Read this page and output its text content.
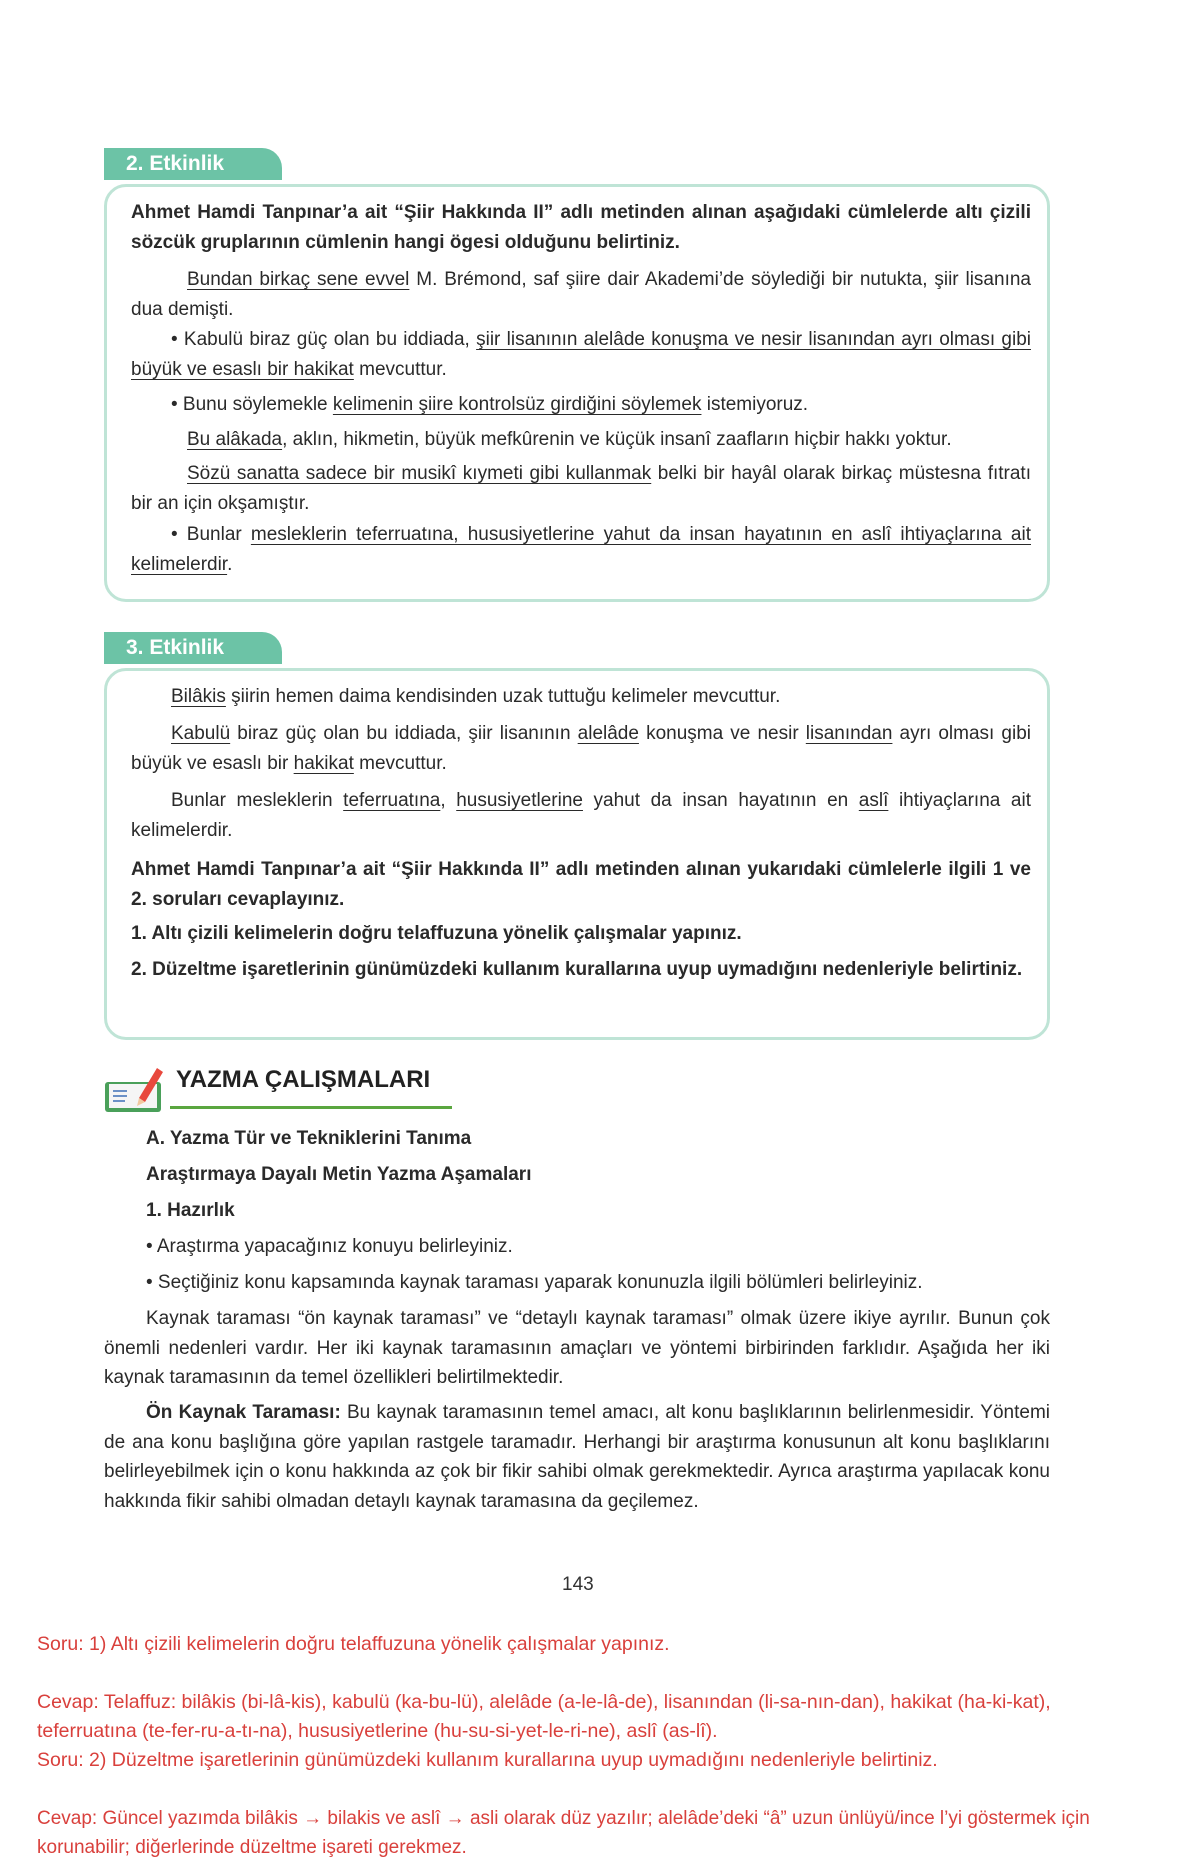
2. Etkinlik

Ahmet Hamdi Tanpınar’a ait “Şiir Hakkında II” adlı metinden alınan aşağıdaki cümlelerde altı çizili sözcük gruplarının cümlenin hangi ögesi olduğunu belirtiniz.

Bundan birkaç sene evvel M. Brémond, saf şiire dair Akademi’de söylediği bir nutukta, şiir lisanına dua demişti.

• Kabulü biraz güç olan bu iddiada, şiir lisanının alelâde konuşma ve nesir lisanından ayrı olması gibi büyük ve esaslı bir hakikat mevcuttur.

• Bunu söylemekle kelimenin şiire kontrolsüz girdiğini söylemek istemiyoruz.

Bu alâkada, aklın, hikmetin, büyük mefkûrenin ve küçük insanî zaafların hiçbir hakkı yoktur.

Sözü sanatta sadece bir musikî kıymeti gibi kullanmak belki bir hayâl olarak birkaç müstesna fıtratı bir an için okşamıştır.

• Bunlar mesleklerin teferruatına, hususiyetlerine yahut da insan hayatının en aslî ihtiyaçlarına ait kelimelerdir.

3. Etkinlik

Bilâkis şiirin hemen daima kendisinden uzak tuttuğu kelimeler mevcuttur.

Kabulü biraz güç olan bu iddiada, şiir lisanının alelâde konuşma ve nesir lisanından ayrı olması gibi büyük ve esaslı bir hakikat mevcuttur.

Bunlar mesleklerin teferruatına, hususiyetlerine yahut da insan hayatının en aslî ihtiyaçlarına ait kelimelerdir.

Ahmet Hamdi Tanpınar’a ait “Şiir Hakkında II” adlı metinden alınan yukarıdaki cümlelerle ilgili 1 ve 2. soruları cevaplayınız.

1. Altı çizili kelimelerin doğru telaffuzuna yönelik çalışmalar yapınız.

2. Düzeltme işaretlerinin günümüzdeki kullanım kurallarına uyup uymadığını nedenleriyle belirtiniz.

YAZMA ÇALIŞMALARI

A. Yazma Tür ve Tekniklerini Tanıma

Araştırmaya Dayalı Metin Yazma Aşamaları

1. Hazırlık

• Araştırma yapacağınız konuyu belirleyiniz.

• Seçtiğiniz konu kapsamında kaynak taraması yaparak konunuzla ilgili bölümleri belirleyiniz.

Kaynak taraması “ön kaynak taraması” ve “detaylı kaynak taraması” olmak üzere ikiye ayrılır. Bunun çok önemli nedenleri vardır. Her iki kaynak taramasının amaçları ve yöntemi birbirinden farklıdır. Aşağıda her iki kaynak taramasının da temel özellikleri belirtilmektedir.

Ön Kaynak Taraması: Bu kaynak taramasının temel amacı, alt konu başlıklarının belirlenmesidir. Yöntemi de ana konu başlığına göre yapılan rastgele taramadır. Herhangi bir araştırma konusunun alt konu başlıklarını belirleyebilmek için o konu hakkında az çok bir fikir sahibi olmak gerekmektedir. Ayrıca araştırma yapılacak konu hakkında fikir sahibi olmadan detaylı kaynak taramasına da geçilemez.

143

Soru: 1) Altı çizili kelimelerin doğru telaffuzuna yönelik çalışmalar yapınız.

Cevap: Telaffuz: bilâkis (bi-lâ-kis), kabulü (ka-bu-lü), alelâde (a-le-lâ-de), lisanından (li-sa-nın-dan), hakikat (ha-ki-kat), teferruatına (te-fer-ru-a-tı-na), hususiyetlerine (hu-su-si-yet-le-ri-ne), aslî (as-lî).

Soru: 2) Düzeltme işaretlerinin günümüzdeki kullanım kurallarına uyup uymadığını nedenleriyle belirtiniz.

Cevap: Güncel yazımda bilâkis → bilakis ve aslî → asli olarak düz yazılır; alelâde’deki “â” uzun ünlüyü/ince l’yi göstermek için korunabilir; diğerlerinde düzeltme işareti gerekmez.
